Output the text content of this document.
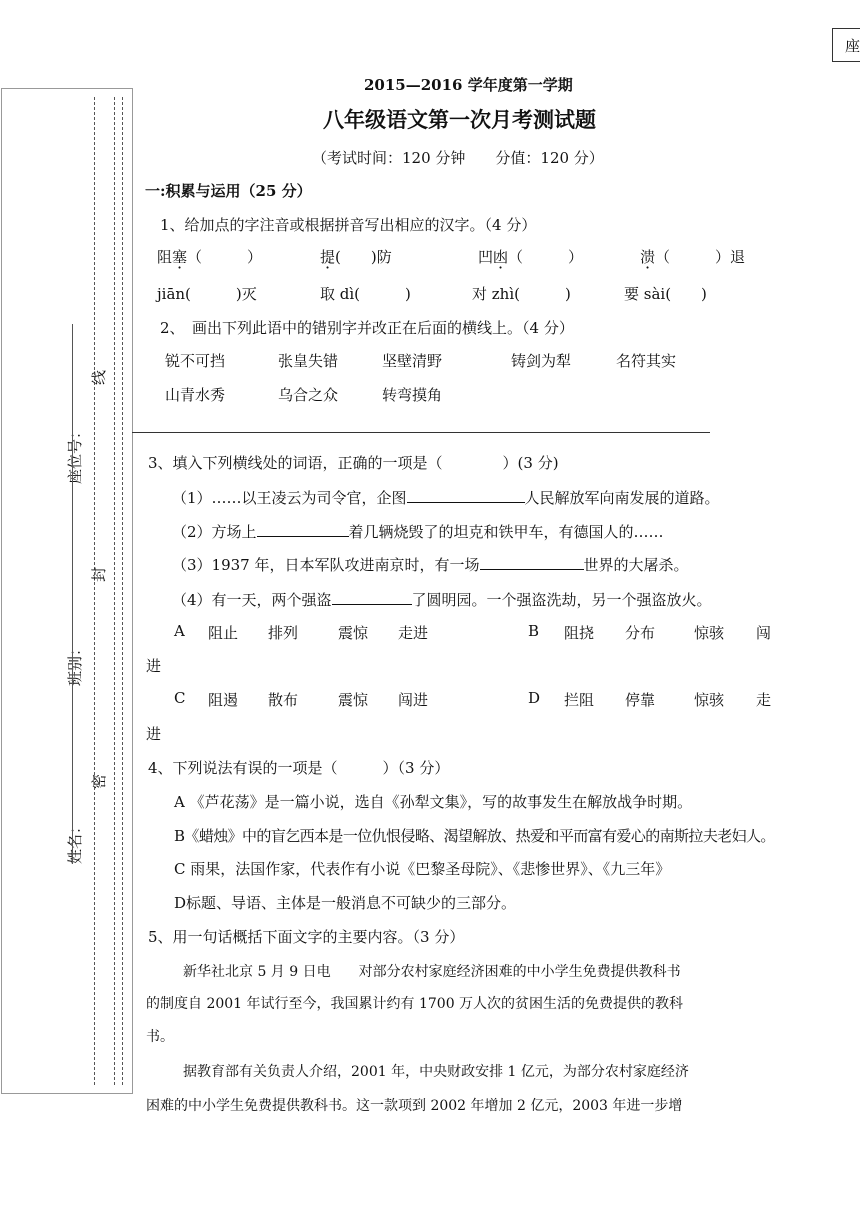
座
姓名：
班别：
座位号：
密
封
线
2015—2016 学年度第一学期
八年级语文第一次月考测试题
（考试时间：120 分钟　　分值：120 分）
一:积累与运用（25 分）
1、给加点的字注音或根据拼音写出相应的汉字。（4 分）
阻塞（　　　）	提(　　)防	凹凼（　　　）	溃（　　　）退
jiān(　　　)灭	取 dì(　　　)	对 zhì(　　　)	要 sài(　　)
2、　画出下列此语中的错别字并改正在后面的横线上。（4 分）
锐不可挡	张皇失错	坚壁清野	铸剑为犁	名符其实
山青水秀	乌合之众	转弯摸角
3、填入下列横线处的词语，正确的一项是（　　　　）(3 分)
（1）……以王凌云为司令官，企图	人民解放军向南发展的道路。
（2）方场上	着几辆烧毁了的坦克和铁甲车，有德国人的……
（3）1937 年，日本军队攻进南京时，有一场	世界的大屠杀。
（4）有一天，两个强盗	了圆明园。一个强盗洗劫，另一个强盗放火。
A 阻止 排列	震惊 走进	B 阻挠 分布	惊骇 闯
进
C 阻遏 散布	震惊 闯进	D 拦阻 停靠	惊骇 走
进
4、下列说法有误的一项是（　　　）（3 分）
A 《芦花荡》是一篇小说，选自《孙犁文集》，写的故事发生在解放战争时期。
B《蜡烛》中的盲乞西本是一位仇恨侵略、渴望解放、热爱和平而富有爱心的南斯拉夫老妇人。
C 雨果，法国作家，代表作有小说《巴黎圣母院》、《悲惨世界》、《九三年》
D标题、导语、主体是一般消息不可缺少的三部分。
5、用一句话概括下面文字的主要内容。（3 分）
新华社北京 5 月 9 日电　　对部分农村家庭经济困难的中小学生免费提供教科书
的制度自 2001 年试行至今，我国累计约有 1700 万人次的贫困生活的免费提供的教科
书。
据教育部有关负责人介绍，2001 年，中央财政安排 1 亿元，为部分农村家庭经济
困难的中小学生免费提供教科书。这一款项到 2002 年增加 2 亿元，2003 年进一步增
